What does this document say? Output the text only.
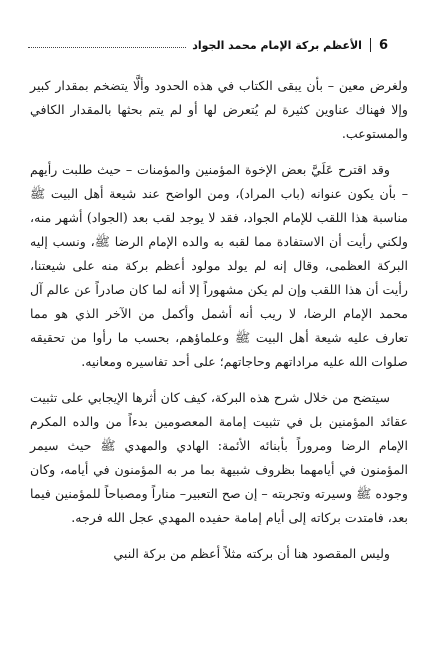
6
الأعظم بركة الإمام محمد الجواد

ولغرض معين – بأن يبقى الكتاب في هذه الحدود وألَّا يتضخم بمقدار كبير وإلا فهناك عناوين كثيرة لم يُتعرض لها أو لم يتم بحثها بالمقدار الكافي والمستوعب.

وقد اقترح عَلَيَّ بعض الإخوة المؤمنين والمؤمنات – حيث طلبت رأيهم – بأن يكون عنوانه (باب المراد)، ومن الواضح عند شيعة أهل البيت ﷺ مناسبة هذا اللقب للإمام الجواد، فقد لا يوجد لقب بعد (الجواد) أشهر منه، ولكني رأيت أن الاستفادة مما لقبه به والده الإمام الرضا ﷺ، ونسب إليه البركة العظمى، وقال إنه لم يولد مولود أعظم بركة منه على شيعتنا، رأيت أن هذا اللقب وإن لم يكن مشهوراً إلا أنه لما كان صادراً عن عالم آل محمد الإمام الرضا، لا ريب أنه أشمل وأكمل من الآخر الذي هو مما تعارف عليه شيعة أهل البيت ﷺ وعلماؤهم، بحسب ما رأوا من تحقيقه صلوات الله عليه مراداتهم وحاجاتهم؛ على أحد تفاسيره ومعانيه.

سيتضح من خلال شرح هذه البركة، كيف كان أثرها الإيجابي على تثبيت عقائد المؤمنين بل في تثبيت إمامة المعصومين بدءاً من والده المكرم الإمام الرضا ومروراً بأبنائه الأئمة: الهادي والمهدي ﷺ حيث سيمر المؤمنون في أيامهما بظروف شبيهة بما مر به المؤمنون في أيامه، وكان وجوده ﷺ وسيرته وتجربته – إن صح التعبير– مناراً ومصباحاً للمؤمنين فيما بعد، فامتدت بركاته إلى أيام إمامة حفيده المهدي عجل الله فرجه.

وليس المقصود هنا أن بركته مثلاً أعظم من بركة النبي
